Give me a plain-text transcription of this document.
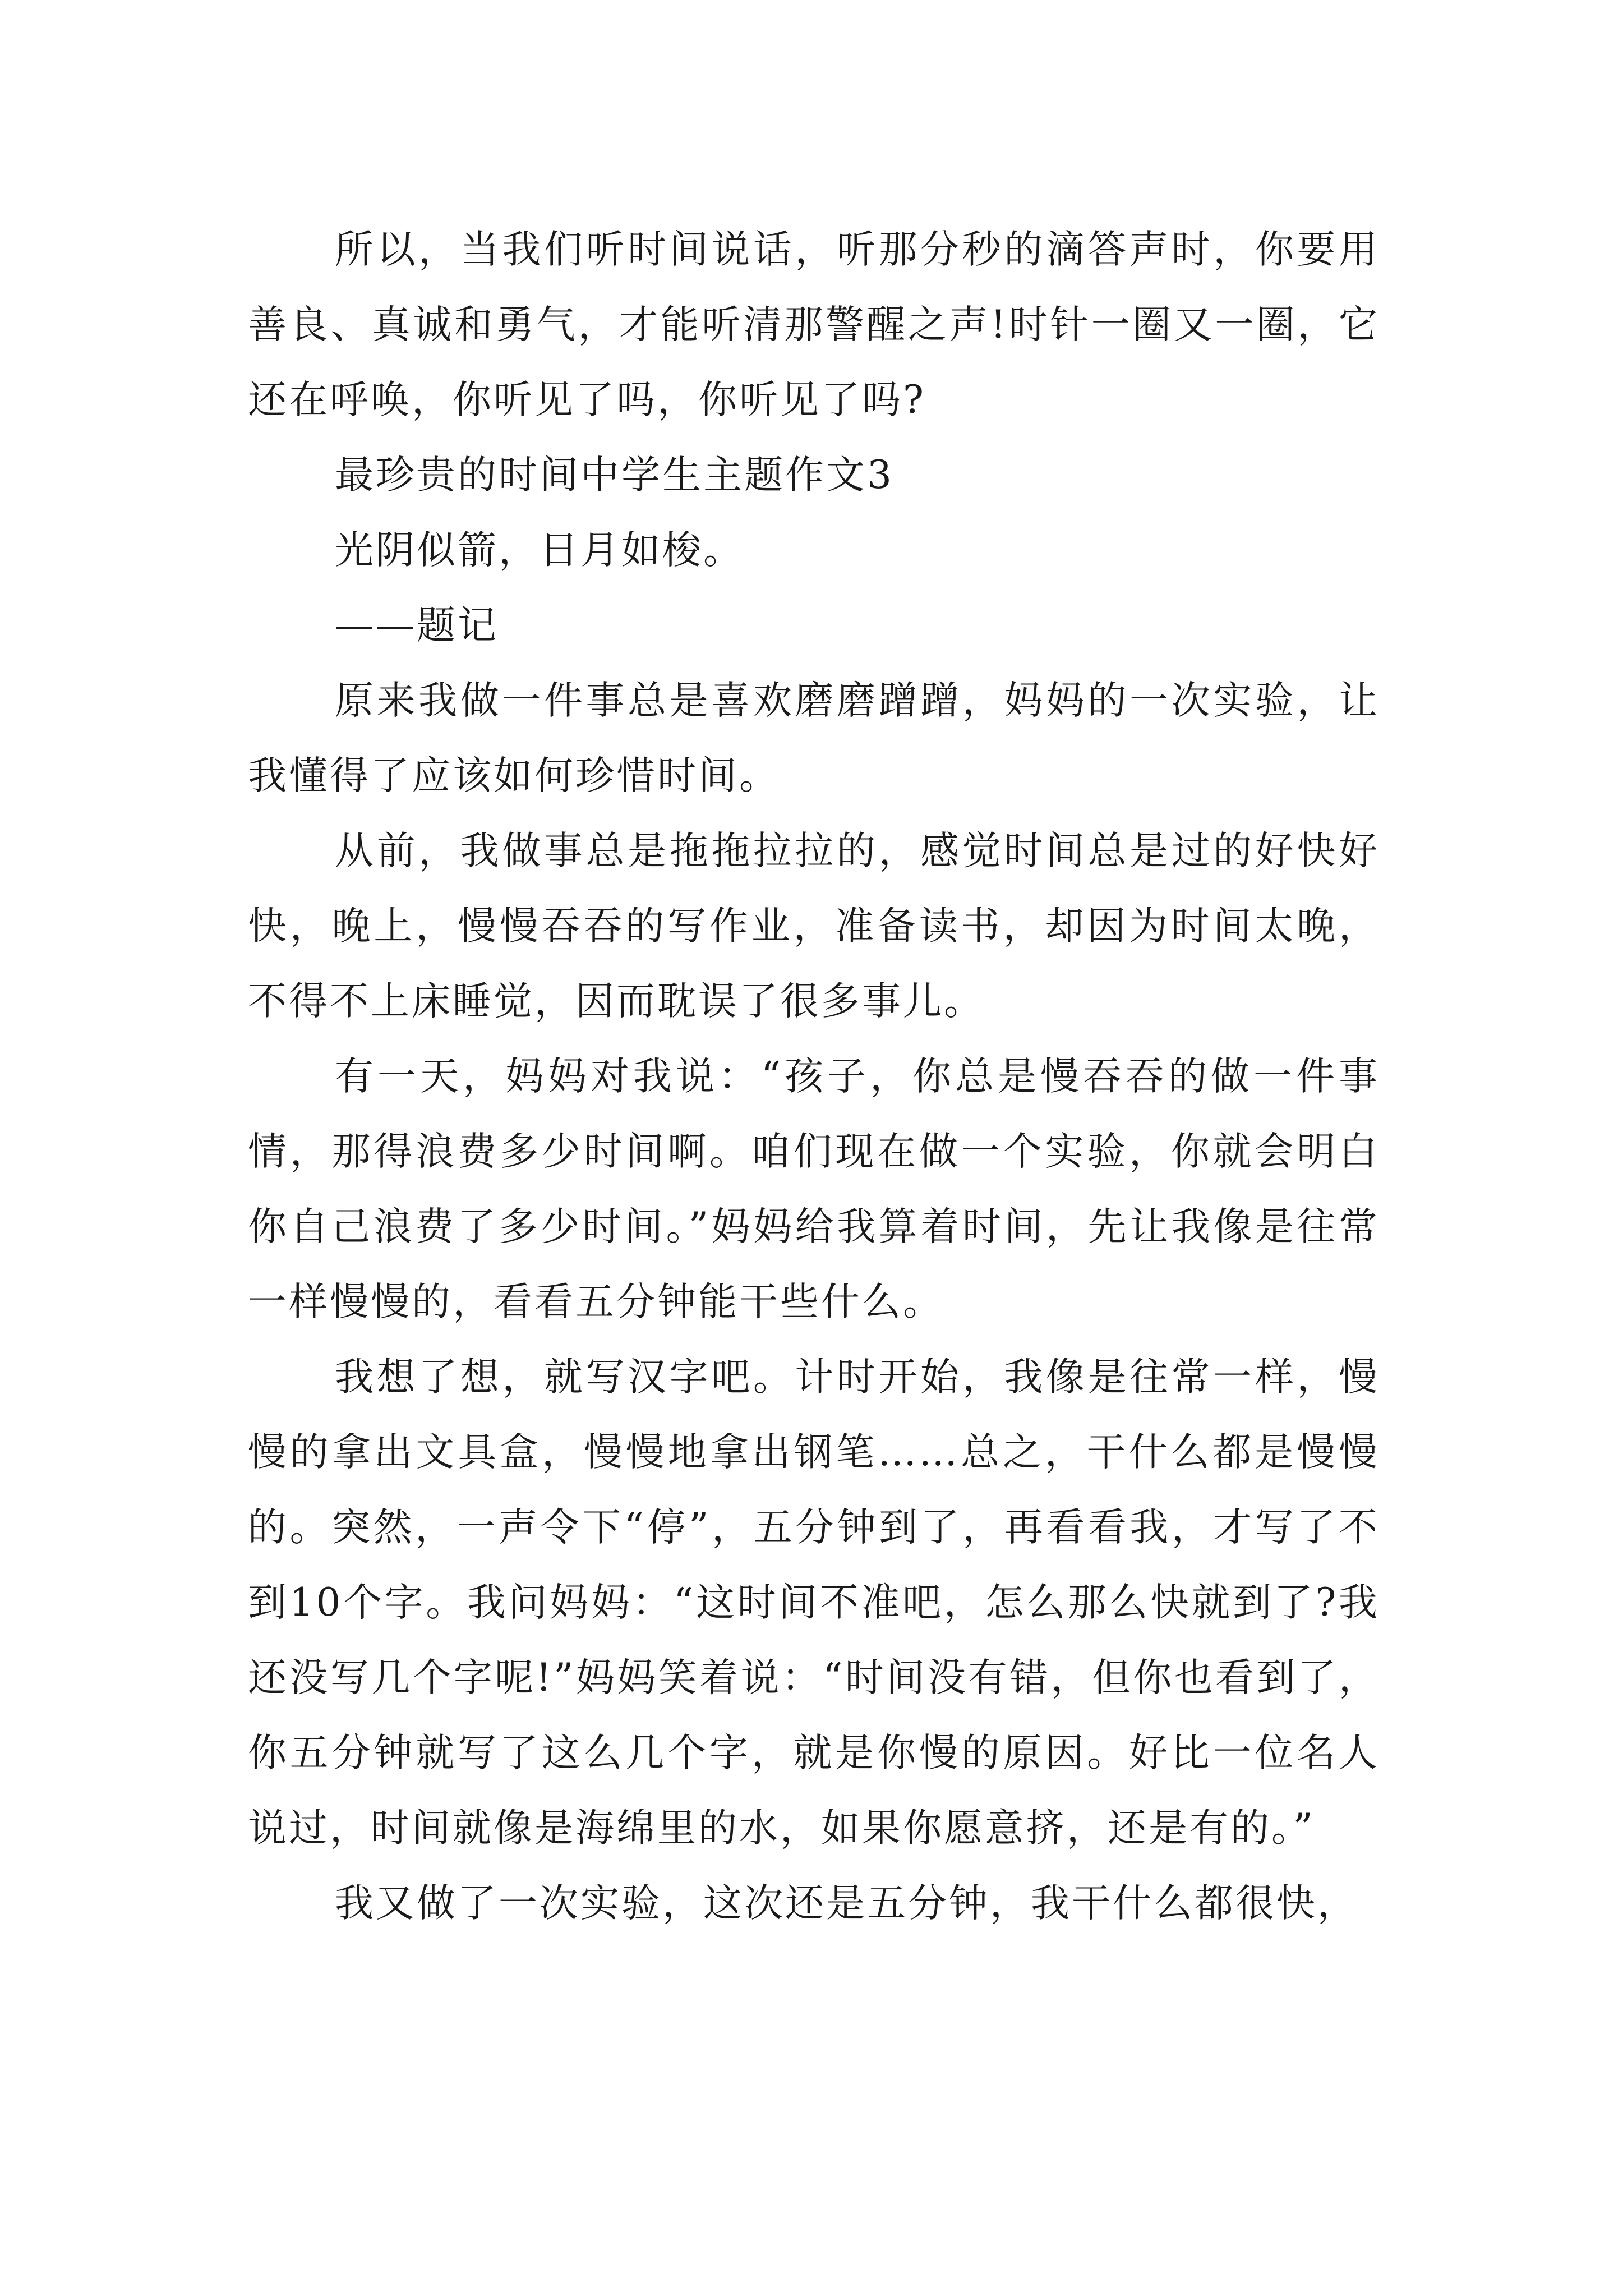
所以，当我们听时间说话，听那分秒的滴答声时，你要用善良、真诚和勇气，才能听清那警醒之声!时针一圈又一圈，它还在呼唤，你听见了吗，你听见了吗?

最珍贵的时间中学生主题作文3

光阴似箭，日月如梭。

——题记

原来我做一件事总是喜欢磨磨蹭蹭，妈妈的一次实验，让我懂得了应该如何珍惜时间。

从前，我做事总是拖拖拉拉的，感觉时间总是过的好快好快，晚上，慢慢吞吞的写作业，准备读书，却因为时间太晚，不得不上床睡觉，因而耽误了很多事儿。

有一天，妈妈对我说：“孩子，你总是慢吞吞的做一件事情，那得浪费多少时间啊。咱们现在做一个实验，你就会明白你自己浪费了多少时间。”妈妈给我算着时间，先让我像是往常一样慢慢的，看看五分钟能干些什么。

我想了想，就写汉字吧。计时开始，我像是往常一样，慢慢的拿出文具盒，慢慢地拿出钢笔……总之，干什么都是慢慢的。突然，一声令下“停”，五分钟到了，再看看我，才写了不到10个字。我问妈妈：“这时间不准吧，怎么那么快就到了?我还没写几个字呢!”妈妈笑着说：“时间没有错，但你也看到了，你五分钟就写了这么几个字，就是你慢的原因。好比一位名人说过，时间就像是海绵里的水，如果你愿意挤，还是有的。”

我又做了一次实验，这次还是五分钟，我干什么都很快，
